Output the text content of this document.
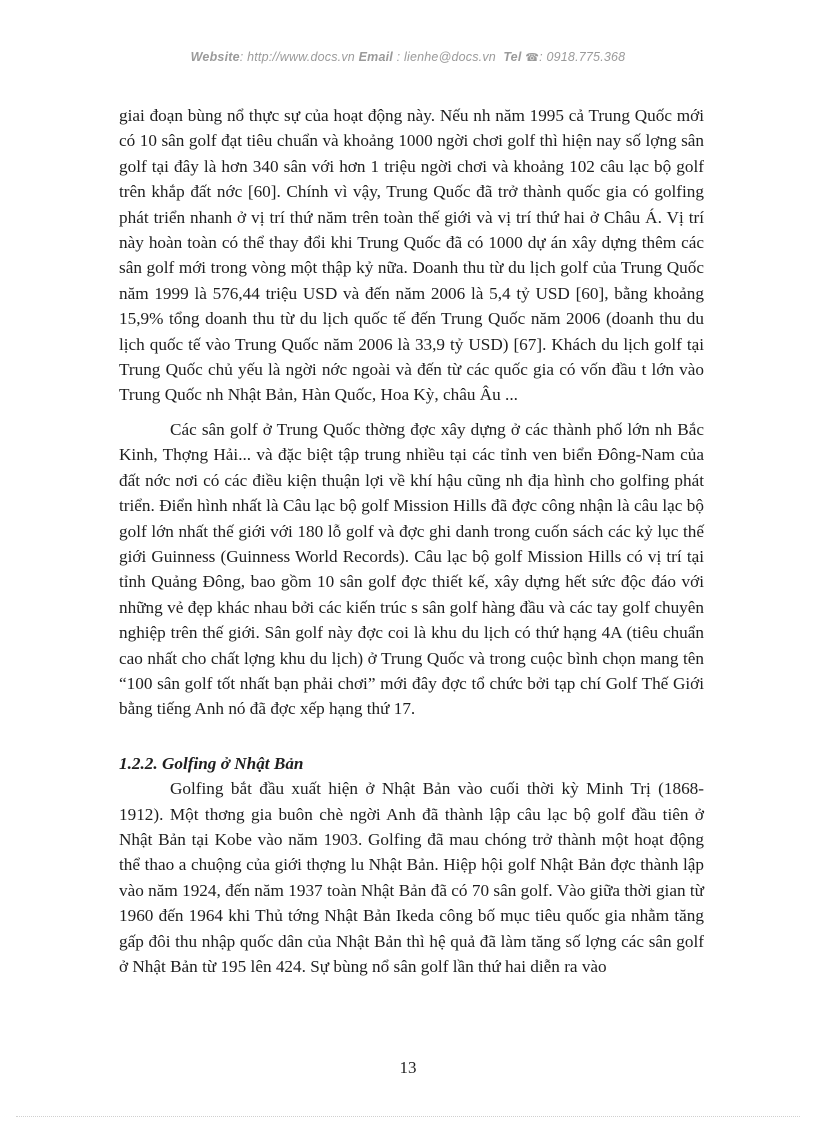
Website: http://www.docs.vn Email : lienhe@docs.vn Tel ☎: 0918.775.368

giai đoạn bùng nổ thực sự của hoạt động này. Nếu nh năm 1995 cả Trung Quốc mới có 10 sân golf đạt tiêu chuẩn và khoảng 1000 ngời chơi golf thì hiện nay số lợng sân golf tại đây là hơn 340 sân với hơn 1 triệu ngời chơi và khoảng 102 câu lạc bộ golf trên khắp đất nớc [60]. Chính vì vậy, Trung Quốc đã trở thành quốc gia có golfing phát triển nhanh ở vị trí thứ năm trên toàn thế giới và vị trí thứ hai ở Châu Á. Vị trí này hoàn toàn có thể thay đổi khi Trung Quốc đã có 1000 dự án xây dựng thêm các sân golf mới trong vòng một thập kỷ nữa. Doanh thu từ du lịch golf của Trung Quốc năm 1999 là 576,44 triệu USD và đến năm 2006 là 5,4 tỷ USD [60], bằng khoảng 15,9% tổng doanh thu từ du lịch quốc tế đến Trung Quốc năm 2006 (doanh thu du lịch quốc tế vào Trung Quốc năm 2006 là 33,9 tỷ USD) [67]. Khách du lịch golf tại Trung Quốc chủ yếu là ngời nớc ngoài và đến từ các quốc gia có vốn đầu t lớn vào Trung Quốc nh Nhật Bản, Hàn Quốc, Hoa Kỳ, châu Âu ...

Các sân golf ở Trung Quốc thờng đợc xây dựng ở các thành phố lớn nh Bắc Kinh, Thợng Hải... và đặc biệt tập trung nhiều tại các tỉnh ven biển Đông-Nam của đất nớc nơi có các điều kiện thuận lợi về khí hậu cũng nh địa hình cho golfing phát triển. Điển hình nhất là Câu lạc bộ golf Mission Hills đã đợc công nhận là câu lạc bộ golf lớn nhất thế giới với 180 lỗ golf và đợc ghi danh trong cuốn sách các kỷ lục thế giới Guinness (Guinness World Records). Câu lạc bộ golf Mission Hills có vị trí tại tỉnh Quảng Đông, bao gồm 10 sân golf đợc thiết kế, xây dựng hết sức độc đáo với những vẻ đẹp khác nhau bởi các kiến trúc s sân golf hàng đầu và các tay golf chuyên nghiệp trên thế giới. Sân golf này đợc coi là khu du lịch có thứ hạng 4A (tiêu chuẩn cao nhất cho chất lợng khu du lịch) ở Trung Quốc và trong cuộc bình chọn mang tên “100 sân golf tốt nhất bạn phải chơi” mới đây đợc tổ chức bởi tạp chí Golf Thế Giới bằng tiếng Anh nó đã đợc xếp hạng thứ 17.

1.2.2. Golfing ở Nhật Bản

Golfing bắt đầu xuất hiện ở Nhật Bản vào cuối thời kỳ Minh Trị (1868-1912). Một thơng gia buôn chè ngời Anh đã thành lập câu lạc bộ golf đầu tiên ở Nhật Bản tại Kobe vào năm 1903. Golfing đã mau chóng trở thành một hoạt động thể thao a chuộng của giới thợng lu Nhật Bản. Hiệp hội golf Nhật Bản đợc thành lập vào năm 1924, đến năm 1937 toàn Nhật Bản đã có 70 sân golf. Vào giữa thời gian từ 1960 đến 1964 khi Thủ tớng Nhật Bản Ikeda công bố mục tiêu quốc gia nhằm tăng gấp đôi thu nhập quốc dân của Nhật Bản thì hệ quả đã làm tăng số lợng các sân golf ở Nhật Bản từ 195 lên 424. Sự bùng nổ sân golf lần thứ hai diễn ra vào

13
